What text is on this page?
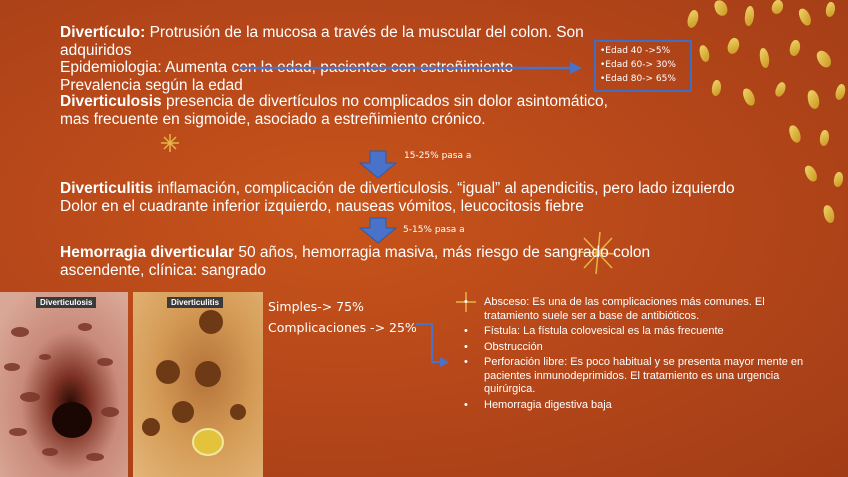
Divertículo: Protrusión de la mucosa a través de la muscular del colon. Son adquiridos
Epidemiologia: Aumenta con la edad, pacientes con estreñimiento
Prevalencia según la edad
•Edad 40 ->5%
•Edad 60-> 30%
•Edad 80-> 65%
Diverticulosis presencia de divertículos no complicados sin dolor asintomático, mas frecuente en sigmoide, asociado a estreñimiento crónico.
15-25% pasa a
Diverticulitis inflamación, complicación de diverticulosis. “igual” al apendicitis, pero lado izquierdo
Dolor en el cuadrante inferior izquierdo, nauseas vómitos, leucocitosis fiebre
5-15% pasa a
Hemorragia diverticular 50 años, hemorragia masiva, más riesgo de sangrado colon ascendente, clínica: sangrado
Diverticulosis	Diverticulitis	Simples-> 75%
Complicaciones -> 25%
• Absceso: Es una de las complicaciones más comunes. El tratamiento suele ser a base de antibióticos.
• Fístula: La fístula colovesical es la más frecuente
• Obstrucción
• Perforación libre: Es poco habitual y se presenta mayor mente en pacientes inmunodeprimidos. El tratamiento es una urgencia quirúrgica.
• Hemorragia digestiva baja
